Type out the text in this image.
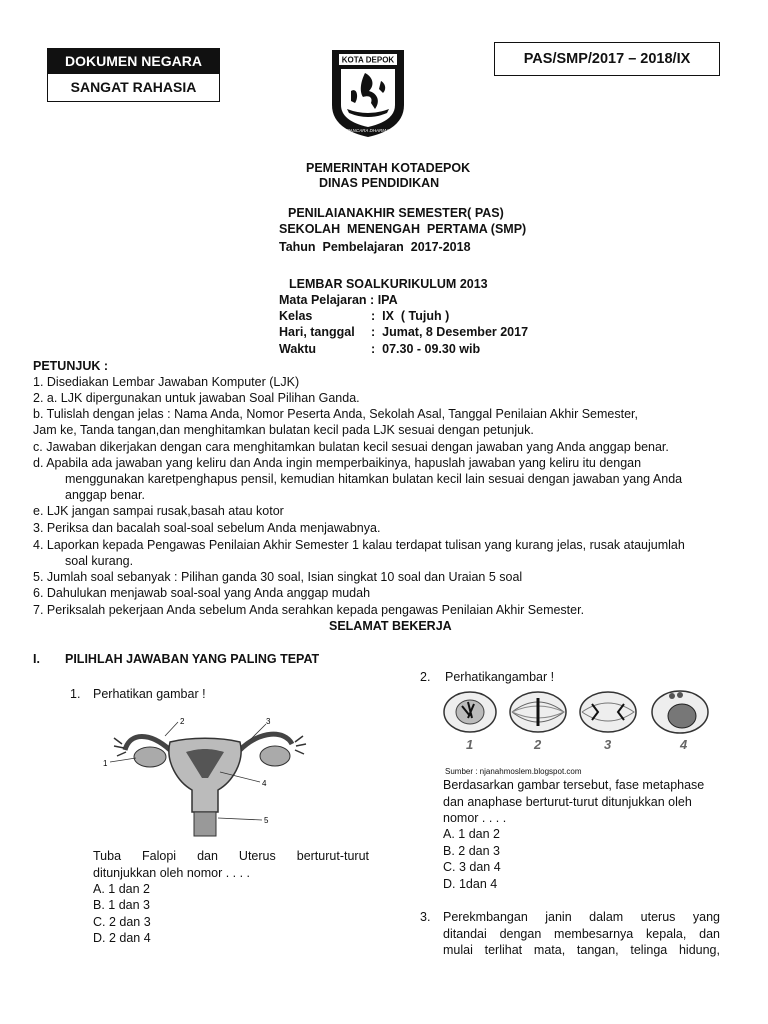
DOKUMEN NEGARA
SANGAT RAHASIA
PAS/SMP/2017 – 2018/IX
KOTA DEPOK
PANCARA DHARMA
PEMERINTAH KOTADEPOK
DINAS PENDIDIKAN
PENILAIANAKHIR SEMESTER( PAS)
SEKOLAH  MENENGAH  PERTAMA (SMP)
Tahun  Pembelajaran  2017-2018
LEMBAR SOALKURIKULUM 2013
Mata Pelajaran : IPA
Kelas	: IX  ( Tujuh )
Hari, tanggal : Jumat, 8 Desember 2017
Waktu	: 07.30 - 09.30 wib
PETUNJUK :
1. Disediakan Lembar Jawaban Komputer (LJK)
2. a. LJK dipergunakan untuk jawaban Soal Pilihan Ganda.
b. Tulislah dengan jelas : Nama Anda, Nomor Peserta Anda, Sekolah Asal, Tanggal Penilaian Akhir Semester,
Jam ke, Tanda tangan,dan menghitamkan bulatan kecil pada LJK sesuai dengan petunjuk.
c. Jawaban dikerjakan dengan cara menghitamkan bulatan kecil sesuai dengan jawaban yang Anda anggap benar.
d. Apabila ada jawaban yang keliru dan Anda ingin memperbaikinya, hapuslah jawaban yang keliru itu dengan
menggunakan karetpenghapus pensil, kemudian hitamkan bulatan kecil lain sesuai dengan jawaban yang Anda
anggap benar.
e. LJK jangan sampai rusak,basah atau kotor
3. Periksa dan bacalah soal-soal sebelum Anda menjawabnya.
4. Laporkan kepada Pengawas Penilaian Akhir Semester 1 kalau terdapat tulisan yang kurang jelas, rusak ataujumlah
soal kurang.
5. Jumlah soal sebanyak : Pilihan ganda 30 soal, Isian singkat 10 soal dan Uraian 5 soal
6. Dahulukan menjawab soal-soal yang Anda anggap mudah
7. Periksalah pekerjaan Anda sebelum Anda serahkan kepada pengawas Penilaian Akhir Semester.
SELAMAT BEKERJA
I. PILIHLAH JAWABAN YANG PALING TEPAT
1. Perhatikan gambar !
1
2	3
4
5
Tuba Falopi dan Uterus berturut-turut
ditunjukkan oleh nomor . . . .
A. 1 dan 2
B. 1 dan 3
C. 2 dan 3
D. 2 dan 4
2. Perhatikangambar !
1	2	3	4
Sumber : njanahmoslem.blogspot.com
Berdasarkan gambar tersebut, fase metaphase
dan anaphase berturut-turut ditunjukkan oleh
nomor . . . .
A. 1 dan 2
B. 2 dan 3
C. 3 dan 4
D. 1dan 4
3. Perekmbangan janin dalam uterus yang
ditandai dengan membesarnya kepala, dan
mulai terlihat mata, tangan, telinga hidung,
